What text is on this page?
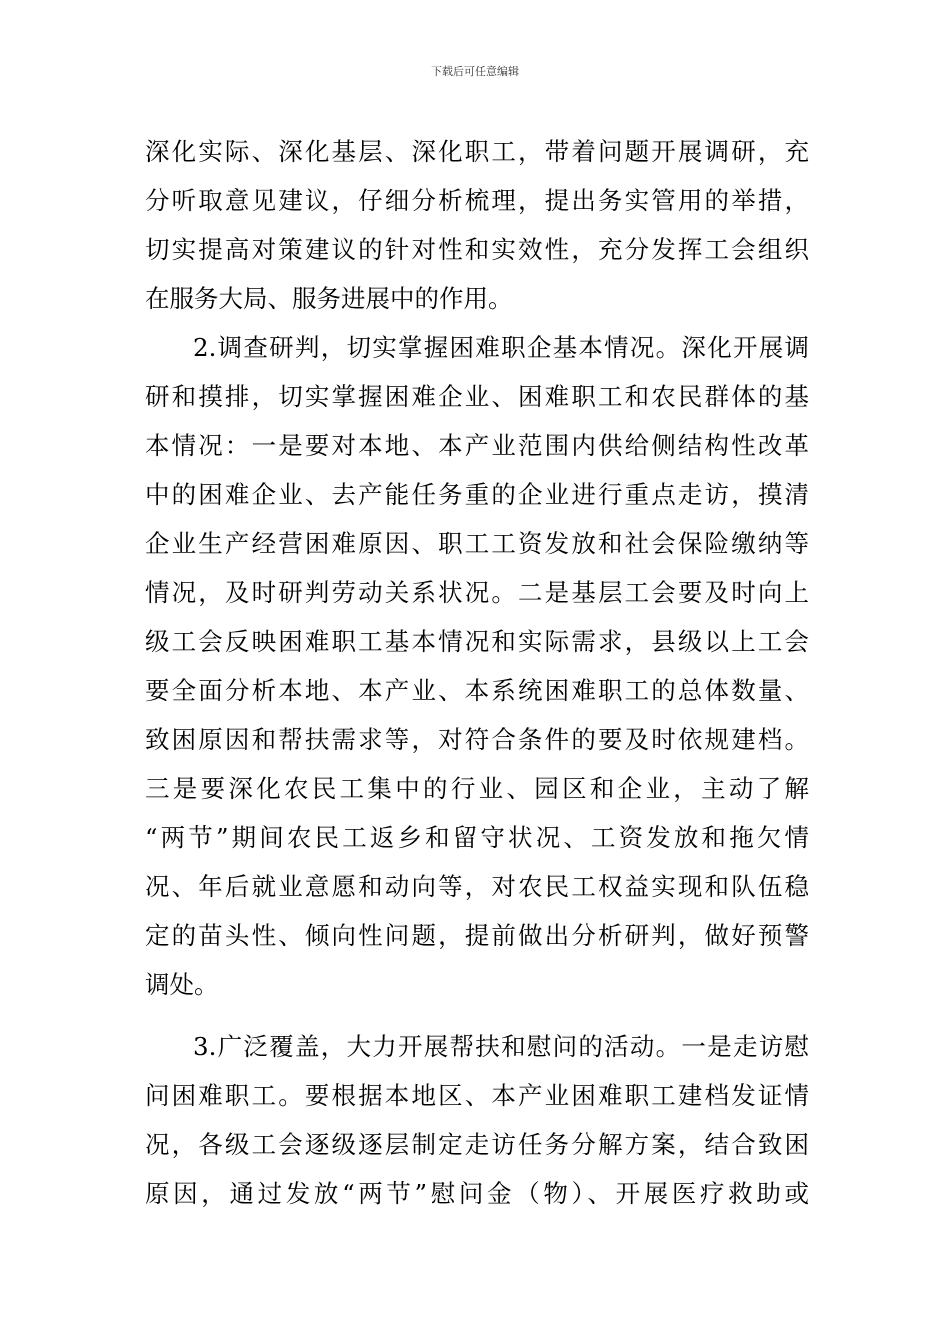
下载后可任意编辑
深化实际、深化基层、深化职工，带着问题开展调研，充
分听取意见建议，仔细分析梳理，提出务实管用的举措，
切实提高对策建议的针对性和实效性，充分发挥工会组织
在服务大局、服务进展中的作用。
2.调查研判，切实掌握困难职企基本情况。深化开展调
研和摸排，切实掌握困难企业、困难职工和农民群体的基
本情况：一是要对本地、本产业范围内供给侧结构性改革
中的困难企业、去产能任务重的企业进行重点走访，摸清
企业生产经营困难原因、职工工资发放和社会保险缴纳等
情况，及时研判劳动关系状况。二是基层工会要及时向上
级工会反映困难职工基本情况和实际需求，县级以上工会
要全面分析本地、本产业、本系统困难职工的总体数量、
致困原因和帮扶需求等，对符合条件的要及时依规建档。
三是要深化农民工集中的行业、园区和企业，主动了解
“两节”期间农民工返乡和留守状况、工资发放和拖欠情
况、年后就业意愿和动向等，对农民工权益实现和队伍稳
定的苗头性、倾向性问题，提前做出分析研判，做好预警
调处。
3.广泛覆盖，大力开展帮扶和慰问的活动。一是走访慰
问困难职工。要根据本地区、本产业困难职工建档发证情
况，各级工会逐级逐层制定走访任务分解方案，结合致困
原因，通过发放“两节”慰问金（物）、开展医疗救助或
